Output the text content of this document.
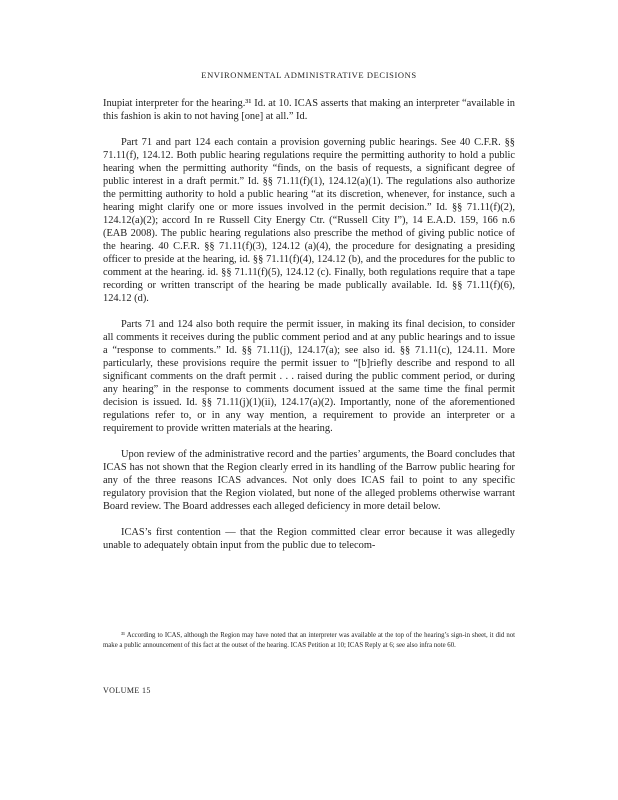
ENVIRONMENTAL ADMINISTRATIVE DECISIONS

Inupiat interpreter for the hearing.³¹ Id. at 10. ICAS asserts that making an interpreter “available in this fashion is akin to not having [one] at all.” Id.

Part 71 and part 124 each contain a provision governing public hearings. See 40 C.F.R. §§ 71.11(f), 124.12. Both public hearing regulations require the permitting authority to hold a public hearing when the permitting authority “finds, on the basis of requests, a significant degree of public interest in a draft permit.” Id. §§ 71.11(f)(1), 124.12(a)(1). The regulations also authorize the permitting authority to hold a public hearing “at its discretion, whenever, for instance, such a hearing might clarify one or more issues involved in the permit decision.” Id. §§ 71.11(f)(2), 124.12(a)(2); accord In re Russell City Energy Ctr. (“Russell City I”), 14 E.A.D. 159, 166 n.6 (EAB 2008). The public hearing regulations also prescribe the method of giving public notice of the hearing. 40 C.F.R. §§ 71.11(f)(3), 124.12 (a)(4), the procedure for designating a presiding officer to preside at the hearing, id. §§ 71.11(f)(4), 124.12 (b), and the procedures for the public to comment at the hearing. id. §§ 71.11(f)(5), 124.12 (c). Finally, both regulations require that a tape recording or written transcript of the hearing be made publically available. Id. §§ 71.11(f)(6), 124.12 (d).

Parts 71 and 124 also both require the permit issuer, in making its final decision, to consider all comments it receives during the public comment period and at any public hearings and to issue a “response to comments.” Id. §§ 71.11(j), 124.17(a); see also id. §§ 71.11(c), 124.11. More particularly, these provisions require the permit issuer to “[b]riefly describe and respond to all significant comments on the draft permit . . . raised during the public comment period, or during any hearing” in the response to comments document issued at the same time the final permit decision is issued. Id. §§ 71.11(j)(1)(ii), 124.17(a)(2). Importantly, none of the aforementioned regulations refer to, or in any way mention, a requirement to provide an interpreter or a requirement to provide written materials at the hearing.

Upon review of the administrative record and the parties’ arguments, the Board concludes that ICAS has not shown that the Region clearly erred in its handling of the Barrow public hearing for any of the three reasons ICAS advances. Not only does ICAS fail to point to any specific regulatory provision that the Region violated, but none of the alleged problems otherwise warrant Board review. The Board addresses each alleged deficiency in more detail below.

ICAS’s first contention — that the Region committed clear error because it was allegedly unable to adequately obtain input from the public due to telecom-

³¹ According to ICAS, although the Region may have noted that an interpreter was available at the top of the hearing’s sign-in sheet, it did not make a public announcement of this fact at the outset of the hearing. ICAS Petition at 10; ICAS Reply at 6; see also infra note 60.
VOLUME 15
